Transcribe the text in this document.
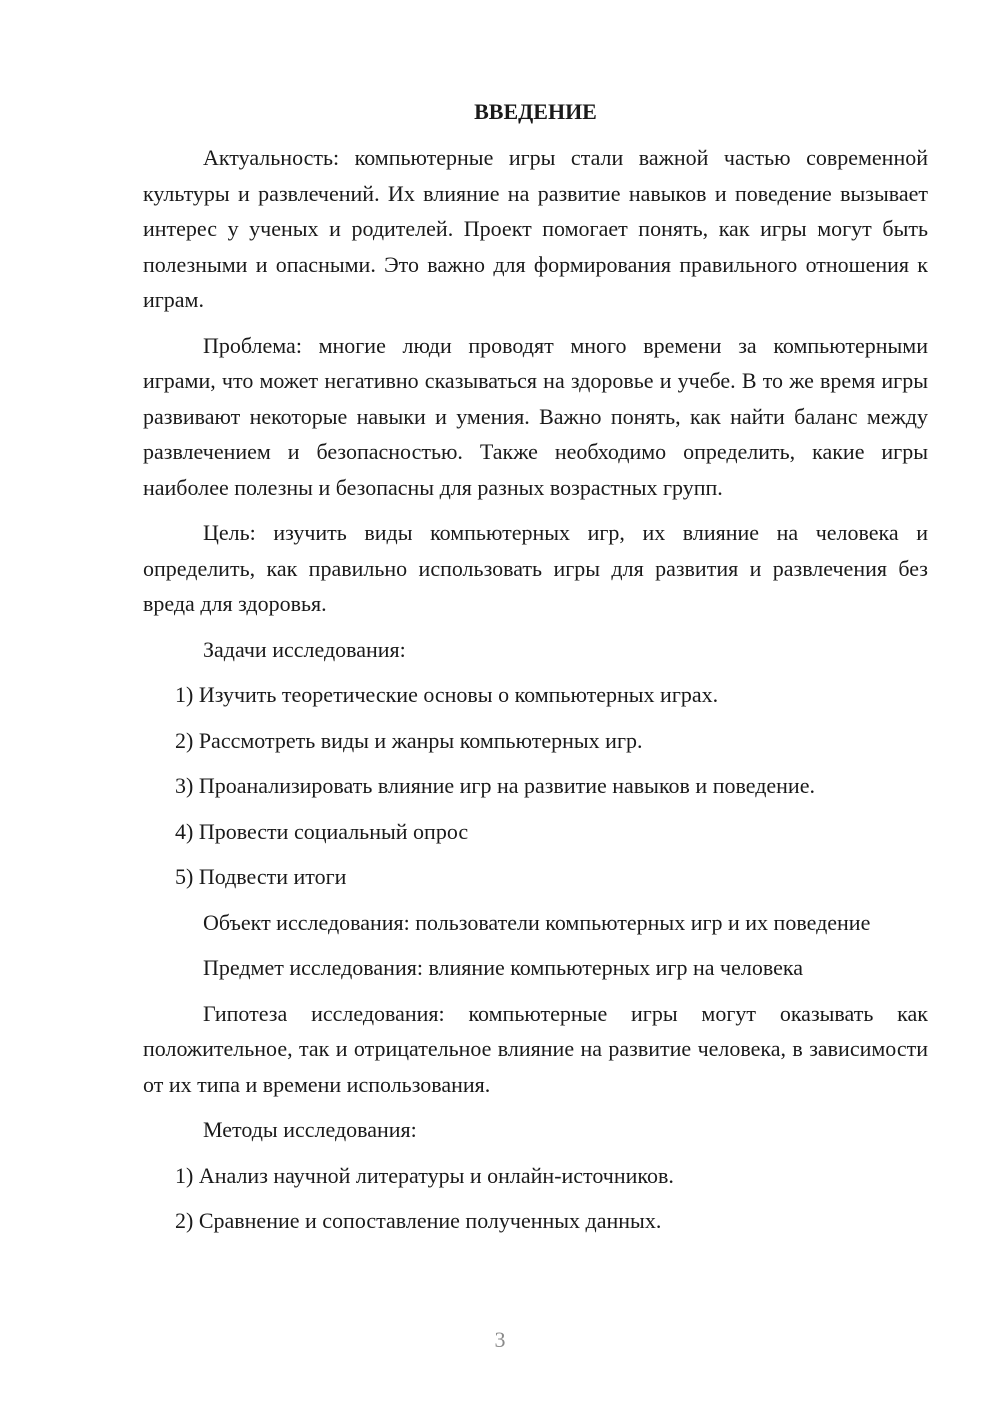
ВВЕДЕНИЕ

Актуальность: компьютерные игры стали важной частью современной культуры и развлечений. Их влияние на развитие навыков и поведение вызывает интерес у ученых и родителей. Проект помогает понять, как игры могут быть полезными и опасными. Это важно для формирования правильного отношения к играм.

Проблема: многие люди проводят много времени за компьютерными играми, что может негативно сказываться на здоровье и учебе. В то же время игры развивают некоторые навыки и умения. Важно понять, как найти баланс между развлечением и безопасностью. Также необходимо определить, какие игры наиболее полезны и безопасны для разных возрастных групп.

Цель: изучить виды компьютерных игр, их влияние на человека и определить, как правильно использовать игры для развития и развлечения без вреда для здоровья.

Задачи исследования:

1) Изучить теоретические основы о компьютерных играх.

2) Рассмотреть виды и жанры компьютерных игр.

3) Проанализировать влияние игр на развитие навыков и поведение.

4) Провести социальный опрос

5) Подвести итоги

Объект исследования: пользователи компьютерных игр и их поведение

Предмет исследования: влияние компьютерных игр на человека

Гипотеза исследования: компьютерные игры могут оказывать как положительное, так и отрицательное влияние на развитие человека, в зависимости от их типа и времени использования.

Методы исследования:

1) Анализ научной литературы и онлайн-источников.

2) Сравнение и сопоставление полученных данных.

3
